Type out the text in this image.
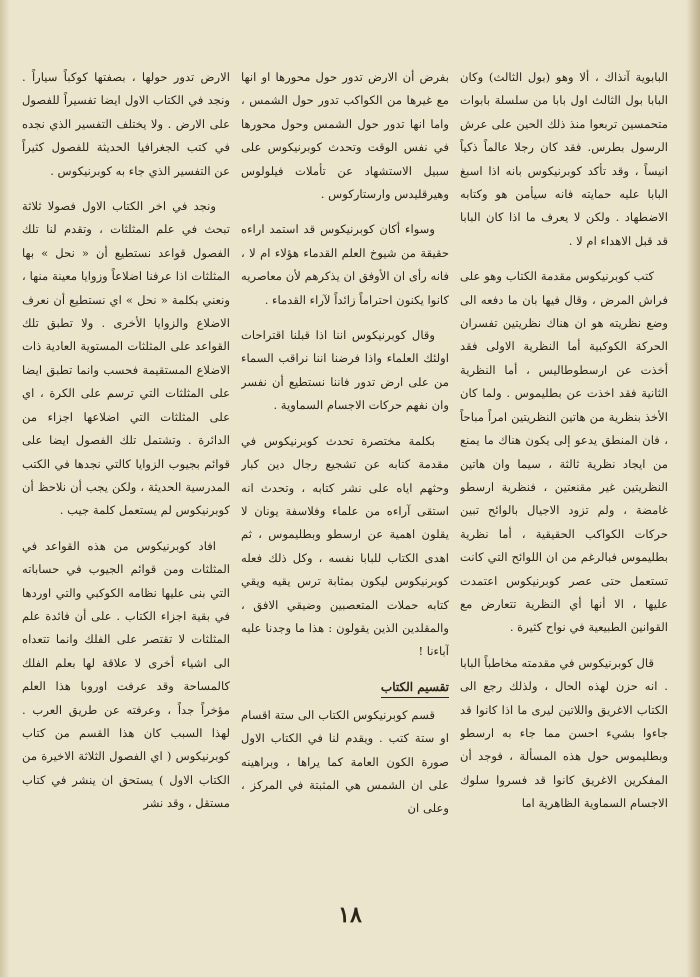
البابوية آنذاك ، ألا وهو (بول الثالث) وكان البابا بول الثالث اول بابا من سلسلة بابوات متحمسين تربعوا منذ ذلك الحين على عرش الرسول بطرس. فقد كان رجلا عالماً ذكياً انيساً ، وقد تأكد كوبرنيكوس بانه اذا اسبغ البابا عليه حمايته فانه سيأمن هو وكتابه الاضطهاد . ولكن لا يعرف ما اذا كان البابا قد قبل الاهداء ام لا .

كتب كوبرنيكوس مقدمة الكتاب وهو على فراش المرض ، وقال فيها بان ما دفعه الى وضع نظريته هو ان هناك نظريتين تفسران الحركة الكوكبية أما النظرية الاولى فقد أخذت عن ارسطوطاليس ، أما النظرية الثانية فقد اخذت عن بطليموس . ولما كان الأخذ بنظرية من هاتين النظريتين امراً مباحاً ، فان المنطق يدعو إلى يكون هناك ما يمنع من ايجاد نظرية ثالثة ، سيما وان هاتين النظريتين غير مقنعتين ، فنظرية ارسطو غامضة ، ولم تزود الاجيال بالوائح تبين حركات الكواكب الحقيقية ، أما نظرية بطليموس فبالرغم من ان اللوائح التي كانت تستعمل حتى عصر كوبرنيكوس اعتمدت عليها ، الا أنها أي النظرية تتعارض مع القوانين الطبيعية في نواح كثيرة .

قال كوبرنيكوس في مقدمته مخاطباً البابا . انه حزن لهذه الحال ، ولذلك رجع الى الكتاب الاغريق واللاتين ليرى ما اذا كانوا قد جاءوا بشيء احسن مما جاء به ارسطو وبطليموس حول هذه المسألة ، فوجد أن المفكرين الاغريق كانوا قد فسروا سلوك الاجسام السماوية الظاهرية اما

بفرض أن الارض تدور حول محورها او انها مع غيرها من الكواكب تدور حول الشمس ، واما انها تدور حول الشمس وحول محورها في نفس الوقت وتحدث كوبرنيكوس على سبيل الاستشهاد عن تأملات فيلولوس وهيرقليدس وارستاركوس .

وسواء أكان كوبرنيكوس قد استمد اراءه حقيقة من شيوخ العلم القدماء هؤلاء ام لا ، فانه رأى ان الأوفق ان يذكرهم لأن معاصريه كانوا يكنون احتراماً زائداً لآراء القدماء .

وقال كوبرنيكوس اننا اذا قبلنا اقتراحات اولئك العلماء واذا فرضنا اننا نراقب السماء من على ارض تدور فاننا نستطيع أن نفسر وان نفهم حركات الاجسام السماوية .

بكلمة مختصرة تحدث كوبرنيكوس في مقدمة كتابه عن تشجيع رجال دين كبار وحثهم اياه على نشر كتابه ، وتحدث انه استقى آراءه من علماء وفلاسفة يونان لا يقلون اهمية عن ارسطو وبطليموس ، ثم اهدى الكتاب للبابا نفسه ، وكل ذلك فعله كوبرنيكوس ليكون بمثابة ترس يقيه ويقي كتابه حملات المتعصبين وضيقي الافق ، والمقلدين الذين يقولون : هذا ما وجدنا عليه آباءنا !

تقسيم الكتاب

قسم كوبرنيكوس الكتاب الى ستة اقسام او ستة كتب . ويقدم لنا في الكتاب الاول صورة الكون العامة كما يراها ، وبراهينه على ان الشمس هي المثبتة في المركز ، وعلى ان

الارض تدور حولها ، بصفتها كوكباً سياراً . ونجد في الكتاب الاول ايضا تفسيراً للفصول على الارض . ولا يختلف التفسير الذي نجده في كتب الجغرافيا الحديثة للفصول كثيراً عن التفسير الذي جاء به كوبرنيكوس .

ونجد في اخر الكتاب الاول فصولا ثلاثة تبحث في علم المثلثات ، وتقدم لنا تلك الفصول قواعد نستطيع أن « نحل » بها المثلثات اذا عرفنا اضلاعاً وزوايا معينة منها ، ونعني بكلمة « نحل » اي نستطيع أن نعرف الاضلاع والزوايا الأخرى . ولا تطبق تلك القواعد على المثلثات المستوية العادية ذات الاضلاع المستقيمة فحسب وانما تطبق ايضا على المثلثات التي ترسم على الكرة ، اي على المثلثات التي اضلاعها اجزاء من الدائرة . وتشتمل تلك الفصول ايضا على قوائم بجيوب الزوايا كالتي نجدها في الكتب المدرسية الحديثة ، ولكن يجب أن نلاحظ أن كوبرنيكوس لم يستعمل كلمة جيب .

افاد كوبرنيكوس من هذه القواعد في المثلثات ومن قوائم الجيوب في حساباته التي بنى عليها نظامه الكوكبي والتي اوردها في بقية اجزاء الكتاب . على أن فائدة علم المثلثات لا تقتصر على الفلك وانما تتعداه الى اشياء أخرى لا علاقة لها بعلم الفلك كالمساحة وقد عرفت اوروبا هذا العلم مؤخراً جداً ، وعرفته عن طريق العرب . لهذا السبب كان هذا القسم من كتاب كوبرنيكوس ( اي الفصول الثلاثة الاخيرة من الكتاب الاول ) يستحق ان ينشر في كتاب مستقل ، وقد نشر

١٨
